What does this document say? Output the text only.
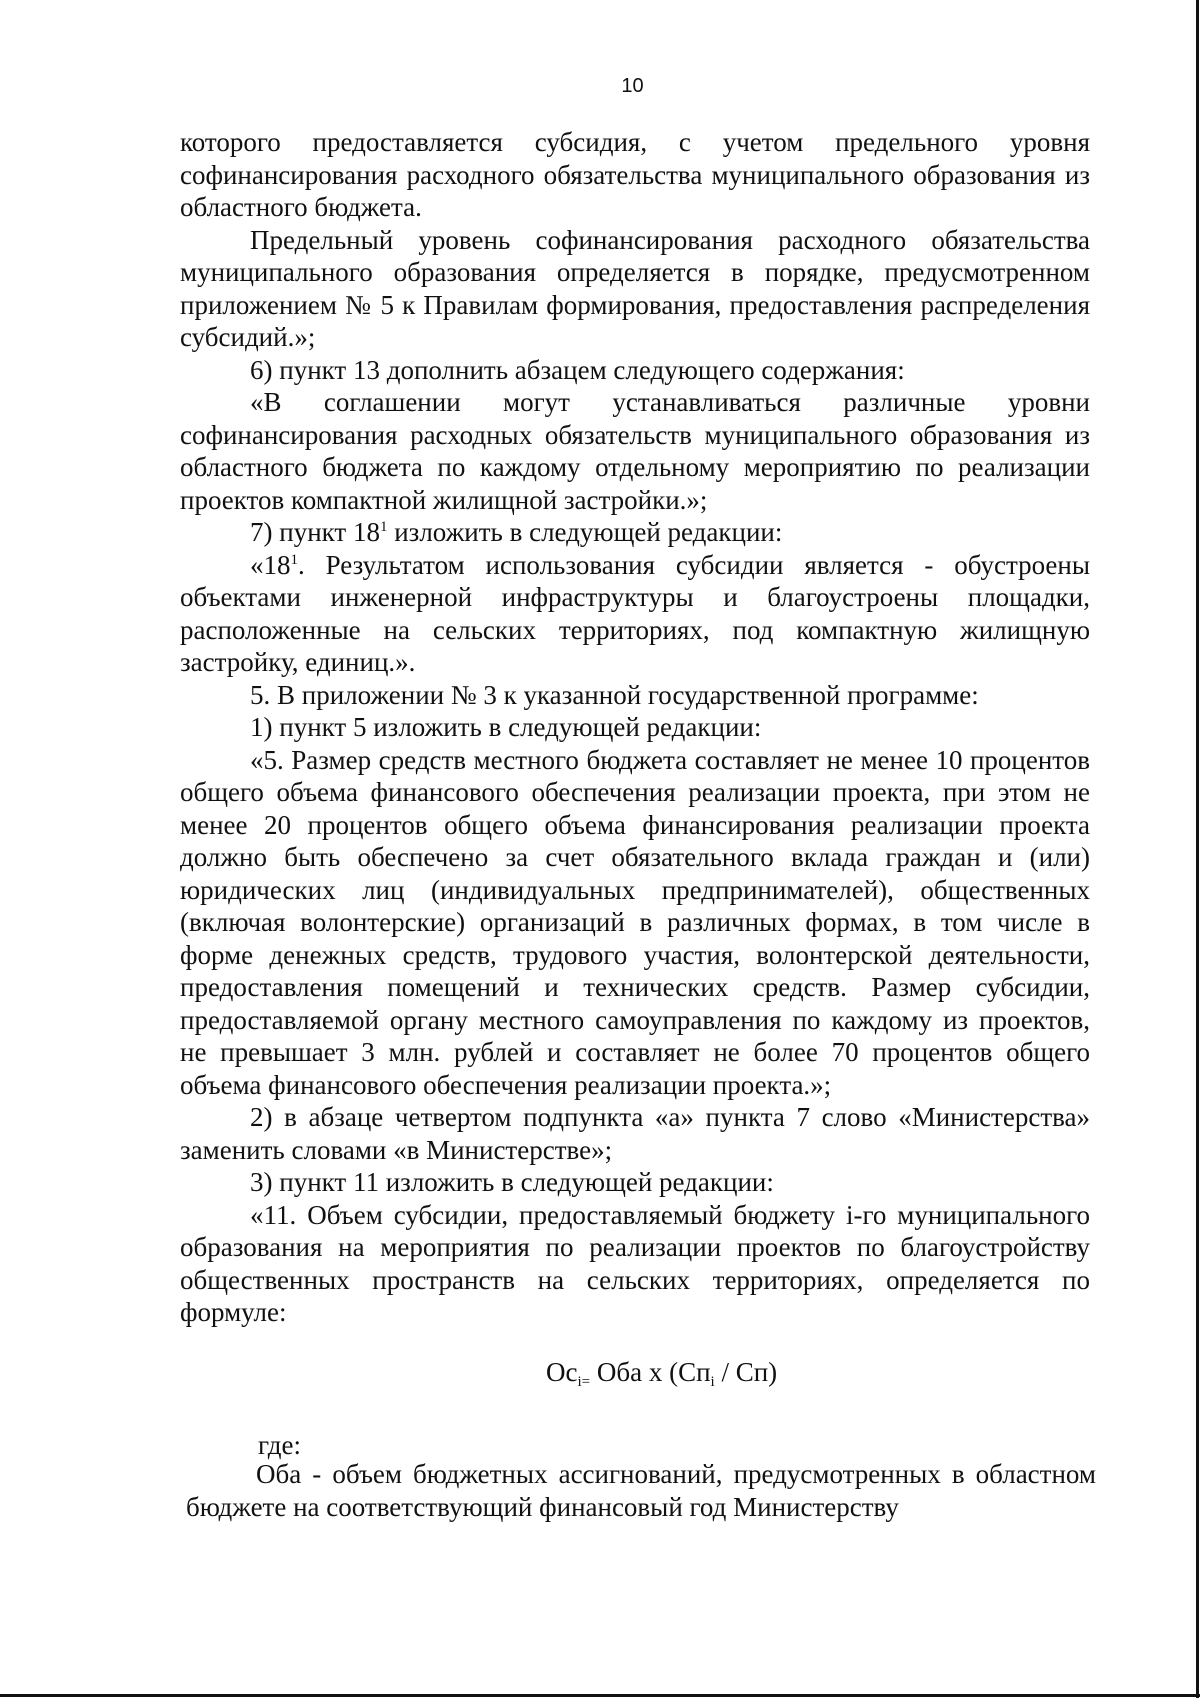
10

которого предоставляется субсидия, с учетом предельного уровня софинансирования расходного обязательства муниципального образования из областного бюджета.

Предельный уровень софинансирования расходного обязательства муниципального образования определяется в порядке, предусмотренном приложением № 5 к Правилам формирования, предоставления распределения субсидий.»;

6) пункт 13 дополнить абзацем следующего содержания:

«В соглашении могут устанавливаться различные уровни софинансирования расходных обязательств муниципального образования из областного бюджета по каждому отдельному мероприятию по реализации проектов компактной жилищной застройки.»;

7) пункт $18^1$ изложить в следующей редакции:

«$18^1$. Результатом использования субсидии является - обустроены объектами инженерной инфраструктуры и благоустроены площадки, расположенные на сельских территориях, под компактную жилищную застройку, единиц.».

5. В приложении № 3 к указанной государственной программе:

1) пункт 5 изложить в следующей редакции:

«5. Размер средств местного бюджета составляет не менее 10 процентов общего объема финансового обеспечения реализации проекта, при этом не менее 20 процентов общего объема финансирования реализации проекта должно быть обеспечено за счет обязательного вклада граждан и (или) юридических лиц (индивидуальных предпринимателей), общественных (включая волонтерские) организаций в различных формах, в том числе в форме денежных средств, трудового участия, волонтерской деятельности, предоставления помещений и технических средств. Размер субсидии, предоставляемой органу местного самоуправления по каждому из проектов, не превышает 3 млн. рублей и составляет не более 70 процентов общего объема финансового обеспечения реализации проекта.»;

2) в абзаце четвертом подпункта «а» пункта 7 слово «Министерства» заменить словами «в Министерстве»;

3) пункт 11 изложить в следующей редакции:

«11. Объем субсидии, предоставляемый бюджету i-го муниципального образования на мероприятия по реализации проектов по благоустройству общественных пространств на сельских территориях, определяется по формуле:

$Ос_i=$ Оба х $(Сп_i / Сп)$
где:

Оба - объем бюджетных ассигнований, предусмотренных в областном бюджете на соответствующий финансовый год Министерству
